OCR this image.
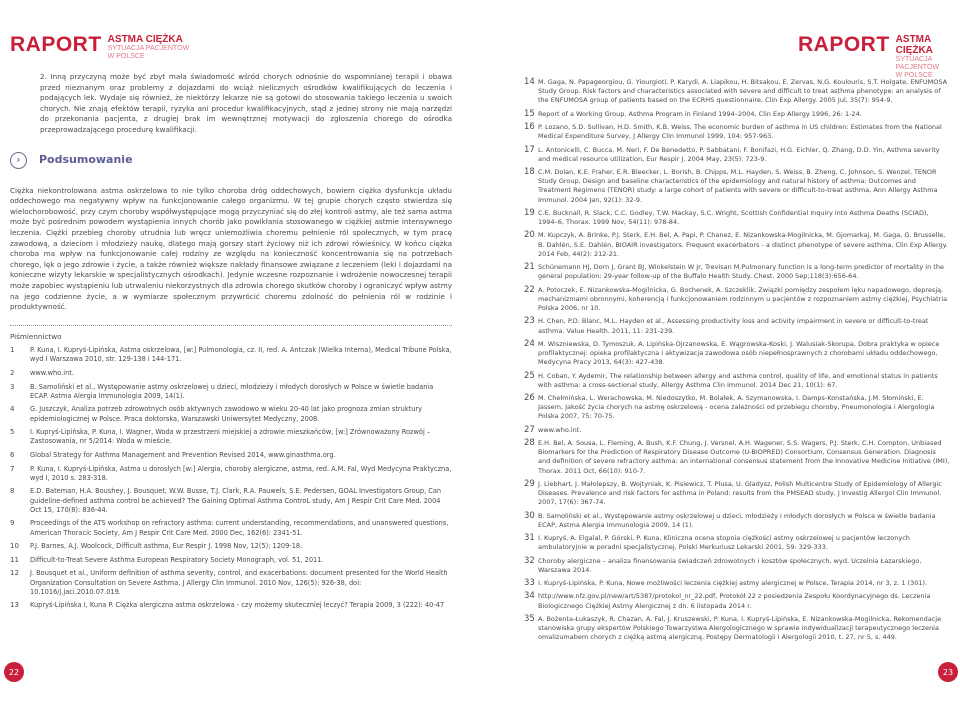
RAPORT ASTMA CIĘŻKA
SYTUACJA PACJENTÓW
W POLSCE
RAPORT ASTMA CIĘŻKA
SYTUACJA PACJENTÓW
W POLSCE

2. Inną przyczyną może być zbyt mała świadomość wśród chorych odnośnie do wspomnianej terapii i obawa przed nieznanym oraz problemy z dojazdami do wciąż nielicznych ośrodków kwalifikujących do leczenia i podających lek. Wydaje się również, że niektórzy lekarze nie są gotowi do stosowania takiego leczenia u swoich chorych. Nie znają efektów terapii, ryzyka ani procedur kwalifikacyjnych, stąd z jednej strony nie mają narzędzi do przekonania pacjenta, z drugiej brak im wewnętrznej motywacji do zgłoszenia chorego do ośrodka przeprowadzającego procedurę kwalifikacji.

›	Podsumowanie

Ciężka niekontrolowana astma oskrzelowa to nie tylko choroba dróg oddechowych, bowiem ciężka dysfunkcja układu oddechowego ma negatywny wpływ na funkcjonowanie całego organizmu. W tej grupie chorych często stwierdza się wielochorobowość, przy czym choroby współwystępujące mogą przyczyniać się do złej kontroli astmy, ale też sama astma może być pośrednim powodem wystąpienia innych chorób jako powikłania stosowanego w ciężkiej astmie intensywnego leczenia. Ciężki przebieg choroby utrudnia lub wręcz uniemożliwia choremu pełnienie ról społecznych, w tym pracę zawodową, a dzieciom i młodzieży naukę, dlatego mają gorszy start życiowy niż ich zdrowi rówieśnicy. W końcu ciężka choroba ma wpływ na funkcjonowanie całej rodziny ze względu na konieczność koncentrowania się na potrzebach chorego, lęk o jego zdrowie i życie, a także również większe nakłady finansowe związane z leczeniem (leki i dojazdami na konieczne wizyty lekarskie w specjalistycznych ośrodkach). Jedynie wczesne rozpoznanie i wdrożenie nowoczesnej terapii może zapobiec wystąpieniu lub utrwaleniu niekorzystnych dla zdrowia chorego skutków choroby i ograniczyć wpływ astmy na jego codzienne życie, a w wymiarze społecznym przywrócić choremu zdolność do pełnienia ról w rodzinie i produktywność.

Piśmiennictwo
1	P. Kuna, I. Kupryś-Lipińska, Astma oskrzelowa, [w:] Pulmonologia, cz. II, red. A. Antczak (Wielka Interna), Medical Tribune Polska, wyd I Warszawa 2010, str. 129-138 i 144-171.
2	www.who.int.
3	B. Samoliński et al., Występowanie astmy oskrzelowej u dzieci, młodzieży i młodych dorosłych w Polsce w świetle badania ECAP. Astma Alergia Immunologia 2009, 14(1).
4	G. Juszczyk, Analiza potrzeb zdrowotnych osób aktywnych zawodowo w wieku 20-40 lat jako prognoza zmian struktury epidemiologicznej w Polsce. Praca doktorska, Warszawski Uniwersytet Medyczny, 2008.
5	I. Kupryś-Lipińska, P. Kuna, I. Wagner, Woda w przestrzeni miejskiej a zdrowie mieszkańców, [w:] Zrównoważony Rozwój – Zastosowania, nr 5/2014: Woda w mieście.
6	Global Strategy for Asthma Management and Prevention Revised 2014, www.ginasthma.org.
7	P. Kuna, I. Kupryś-Lipińska, Astma u dorosłych [w:] Alergia, choroby alergiczne, astma, red. A.M. Fal, Wyd Medycyna Praktyczna, wyd I, 2010 s. 283-318.
8	E.D. Bateman, H.A. Boushey, J. Bousquet, W.W. Busse, T.J. Clark, R.A. Pauwels, S.E. Pedersen, GOAL Investigators Group, Can guideline-defined asthma control be achieved? The Gaining Optimal Asthma ControL study, Am J Respir Crit Care Med. 2004 Oct 15, 170(8): 836-44.
9	Proceedings of the ATS workshop on refractory asthma: current understanding, recommendations, and unanswered questions, American Thoracic Society, Am J Respir Crit Care Med. 2000 Dec, 162(6): 2341-51.
10	P.J. Barnes, A.J. Woolcock, Difficult asthma, Eur Respir J. 1998 Nov, 12(5): 1209-18.
11	Difficult-to-Treat Severe Asthma European Respiratory Society Monograph, vol. 51, 2011.
12	J. Bousquet et al., Uniform definition of asthma severity, control, and exacerbations: document presented for the World Health Organization Consultation on Severe Asthma, J Allergy Clin Immunol. 2010 Nov, 126(5): 926-38, doi: 10.1016/j.jaci.2010.07.019.
13	Kupryś-Lipińska I, Kuna P. Ciężka alergiczna astma oskrzelowa - czy możemy skuteczniej leczyć? Terapia 2009, 3 (222): 40-47
14 M. Gaga, N. Papageorgiou, G. Yiourgioti, P. Karydi, A. Liapikou, H. Bitsakou, E. Zervas, N.G. Koulouris, S.T. Holgate, ENFUMOSA Study Group. Risk factors and characteristics associated with severe and difficult to treat asthma phenotype: an analysis of the ENFUMOSA group of patients based on the ECRHS questionnaire, Clin Exp Allergy. 2005 Jul, 35(7): 954-9.
15 Report of a Working Group. Asthma Program in Finland 1994–2004, Clin Exp Allergy 1996, 26: 1-24.
16 P. Lozano, S.D. Sullivan, H.D. Smith, K.B. Weiss, The economic burden of asthma in US children: Estimates from the National Medical Expenditure Survey, J Allergy Clin Immunol 1999, 104: 957-963.
17 L. Antonicelli, C. Bucca, M. Neri, F. De Benedetto, P. Sabbatani, F. Bonifazi, H.G. Eichler, Q. Zhang, D.D. Yin, Asthma severity and medical resource utilization, Eur Respir J. 2004 May, 23(5): 723-9.
18 C.M. Dolan, K.E. Fraher, E.R. Bleecker, L. Borish, B. Chipps, M.L. Hayden, S. Weiss, B. Zheng, C. Johnson, S. Wenzel, TENOR Study Group, Design and baseline characteristics of the epidemiology and natural history of asthma: Outcomes and Treatment Regimens (TENOR) study: a large cohort of patients with severe or difficult-to-treat asthma, Ann Allergy Asthma Immunol. 2004 Jan, 92(1): 32-9.
19 C.E. Bucknall, R. Slack, C.C. Godley, T.W. Mackay, S.C. Wright, Scottish Confidential Inquiry into Asthma Deaths (SCIAD), 1994–6, Thorax. 1999 Nov, 54(11): 978-84.
20 M. Kupczyk, A. Brinke, P.J. Sterk, E.H. Bel, A. Papi, P. Chanez, E. Nizankowska-Mogilnicka, M. Gjomarkaj, M. Gaga, G. Brusselle, B. Dahlén, S.E. Dahlén, BIOAIR investigators. Frequent exacerbators - a distinct phenotype of severe asthma, Clin Exp Allergy. 2014 Feb, 44(2): 212-21.
21 Schünemann HJ, Dorn J, Grant BJ, Winkelstein W Jr, Trevisan M.Pulmonary function is a long-term predictor of mortality in the general population: 29-year follow-up of the Buffalo Health Study. Chest. 2000 Sep;118(3):656-64.
22 A. Potoczek, E. Nizankowska-Mogilnicka, G. Bochenek, A. Szczeklik, Związki pomiędzy zespołem lęku napadowego, depresją, mechanizmami obronnymi, koherencją i funkcjonowaniem rodzinnym u pacjentów z rozpoznaniem astmy ciężkiej, Psychiatria Polska 2006, nr 10.
23 H. Chen, P.D. Blanc, M.L. Hayden et al., Assessing productivity loss and activity impairment in severe or difficult-to-treat asthma. Value Health. 2011, 11: 231-239.
24 M. Wiszniewska, D. Tymoszuk, A. Lipińska-Ojrzanowska, E. Wągrowska-Koski, J. Walusiak-Skorupa, Dobra praktyka w opiece profilaktycznej: opieka profilaktyczna i aktywizacja zawodowa osób niepełnosprawnych z chorobami układu oddechowego, Medycyna Pracy 2013, 64(3): 427-438.
25 H. Coban, Y. Aydemir, The relationship between allergy and asthma control, quality of life, and emotional status in patients with asthma: a cross-sectional study, Allergy Asthma Clin Immunol. 2014 Dec 21, 10(1): 67.
26 M. Chełmińska, L. Werachowska, M. Niedoszytko, M. Bolałek, A. Szymanowska, I. Damps-Konstańska, J.M. Słomiński, E. Jassem, Jakość życia chorych na astmę oskrzelową - ocena zależności od przebiegu choroby, Pneumonologia i Alergologia Polska 2007, 75: 70-75.
27 www.who.int.
28 E.H. Bel, A. Sousa, L. Fleming, A. Bush, K.F. Chung, J. Versnel, A.H. Wagener, S.S. Wagers, P.J. Sterk, C.H. Compton, Unbiased Biomarkers for the Prediction of Respiratory Disease Outcome (U-BIOPRED) Consortium, Consensus Generation. Diagnosis and definition of severe refractory asthma: an international consensus statement from the Innovative Medicine Initiative (IMI), Thorax. 2011 Oct, 66(10): 910-7.
29 J. Liebhart, J. Małolepszy, B. Wojtyniak, K. Pisiewicz, T. Plusa, U. Gladysz, Polish Multicentre Study of Epidemiology of Allergic Diseases. Prevalence and risk factors for asthma in Poland: results from the PMSEAD study, J Investig Allergol Clin Immunol. 2007, 17(6): 367-74.
30 B. Samoliński et al., Występowanie astmy oskrzelowej u dzieci, młodzieży i młodych dorosłych w Polsce w świetle badania ECAP, Astma Alergia Immunologia 2009, 14 (1).
31 I. Kupryś, A. Elgalal, P. Górski, P. Kuna, Kliniczna ocena stopnia ciężkości astmy oskrzelowej u pacjentów leczonych ambulatoryjnie w poradni specjalistycznej, Polski Merkuriusz Lekarski 2001, 59: 329-333.
32 Choroby alergiczne – analiza finansowania świadczeń zdrowotnych i kosztów społecznych, wyd. Uczelnia Łazarskiego, Warszawa 2014.
33 I. Kupryś-Lipińska, P. Kuna, Nowe możliwości leczenia ciężkiej astmy alergicznej w Polsce, Terapia 2014, nr 3, z. 1 (301).
34 http://www.nfz.gov.pl/new/art/5387/protokol_nr_22.pdf, Protokół 22 z posiedzenia Zespołu Koordynacyjnego ds. Leczenia Biologicznego Ciężkiej Astmy Alergicznej z dn. 6 listopada 2014 r.
35 A. Bożenta-Łukaszyk, R. Chazan, A. Fal, J. Kruszewski, P. Kuna, I. Kupryś-Lipińska, E. Nizankowska-Mogilnicka, Rekomendacje stanowiska grupy ekspertów Polskiego Towarzystwa Alergologicznego w sprawie indywidualizacji terapeutycznego leczenia omalizumabem chorych z ciężką astmą alergiczną, Postępy Dermatologii i Alergologii 2010, t. 27, nr 5, s. 449.
22	23
